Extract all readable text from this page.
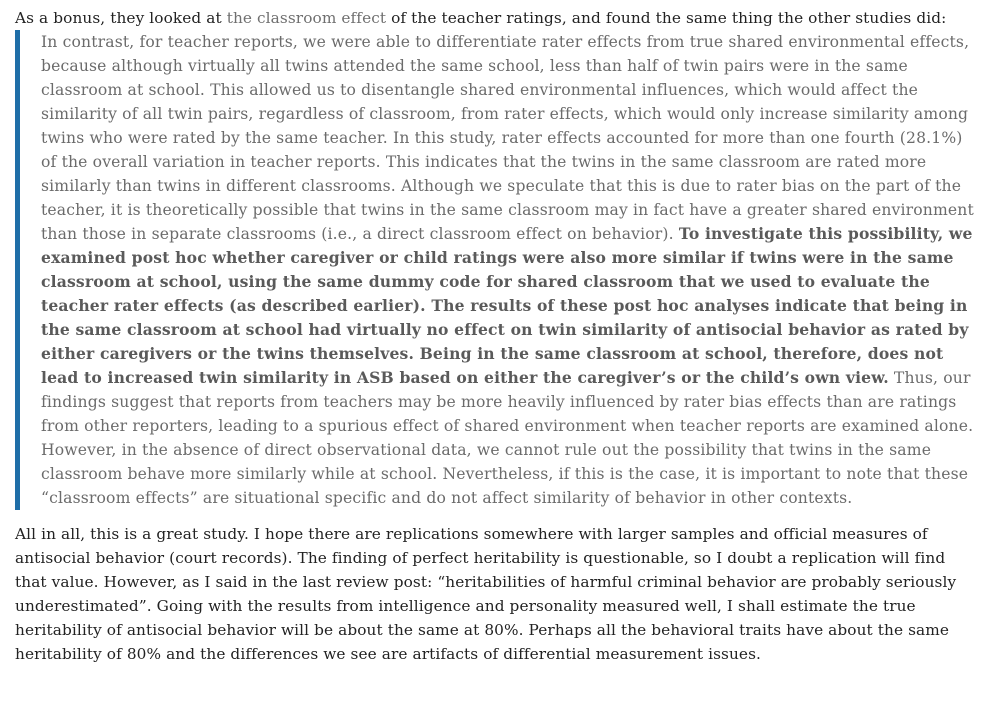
As a bonus, they looked at the classroom effect of the teacher ratings, and found the same thing the other studies did:

In contrast, for teacher reports, we were able to differentiate rater effects from true shared environmental effects, because although virtually all twins attended the same school, less than half of twin pairs were in the same classroom at school. This allowed us to disentangle shared environmental influences, which would affect the similarity of all twin pairs, regardless of classroom, from rater effects, which would only increase similarity among twins who were rated by the same teacher. In this study, rater effects accounted for more than one fourth (28.1%) of the overall variation in teacher reports. This indicates that the twins in the same classroom are rated more similarly than twins in different classrooms. Although we speculate that this is due to rater bias on the part of the teacher, it is theoretically possible that twins in the same classroom may in fact have a greater shared environment than those in separate classrooms (i.e., a direct classroom effect on behavior). To investigate this possibility, we examined post hoc whether caregiver or child ratings were also more similar if twins were in the same classroom at school, using the same dummy code for shared classroom that we used to evaluate the teacher rater effects (as described earlier). The results of these post hoc analyses indicate that being in the same classroom at school had virtually no effect on twin similarity of antisocial behavior as rated by either caregivers or the twins themselves. Being in the same classroom at school, therefore, does not lead to increased twin similarity in ASB based on either the caregiver’s or the child’s own view. Thus, our findings suggest that reports from teachers may be more heavily influenced by rater bias effects than are ratings from other reporters, leading to a spurious effect of shared environment when teacher reports are examined alone. However, in the absence of direct observational data, we cannot rule out the possibility that twins in the same classroom behave more similarly while at school. Nevertheless, if this is the case, it is important to note that these “classroom effects” are situational specific and do not affect similarity of behavior in other contexts.

All in all, this is a great study. I hope there are replications somewhere with larger samples and official measures of antisocial behavior (court records). The finding of perfect heritability is questionable, so I doubt a replication will find that value. However, as I said in the last review post: “heritabilities of harmful criminal behavior are probably seriously underestimated”. Going with the results from intelligence and personality measured well, I shall estimate the true heritability of antisocial behavior will be about the same at 80%. Perhaps all the behavioral traits have about the same heritability of 80% and the differences we see are artifacts of differential measurement issues.
